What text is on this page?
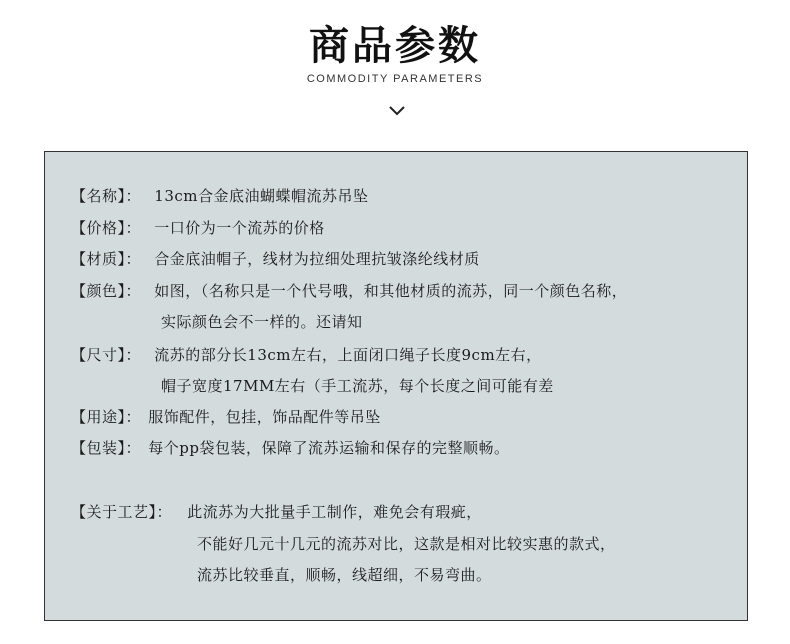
商品参数
COMMODITY PARAMETERS
【名称】： 13cm合金底油蝴蝶帽流苏吊坠
【价格】： 一口价为一个流苏的价格
【材质】： 合金底油帽子，线材为拉细处理抗皱涤纶线材质
【颜色】： 如图，（名称只是一个代号哦，和其他材质的流苏，同一个颜色名称，
实际颜色会不一样的。还请知
【尺寸】： 流苏的部分长13cm左右，上面闭口绳子长度9cm左右，
帽子宽度17MM左右（手工流苏，每个长度之间可能有差
【用途】： 服饰配件，包挂，饰品配件等吊坠
【包装】： 每个pp袋包装，保障了流苏运输和保存的完整顺畅。
【关于工艺】： 此流苏为大批量手工制作，难免会有瑕疵，
不能好几元十几元的流苏对比，这款是相对比较实惠的款式，
流苏比较垂直，顺畅，线超细，不易弯曲。
